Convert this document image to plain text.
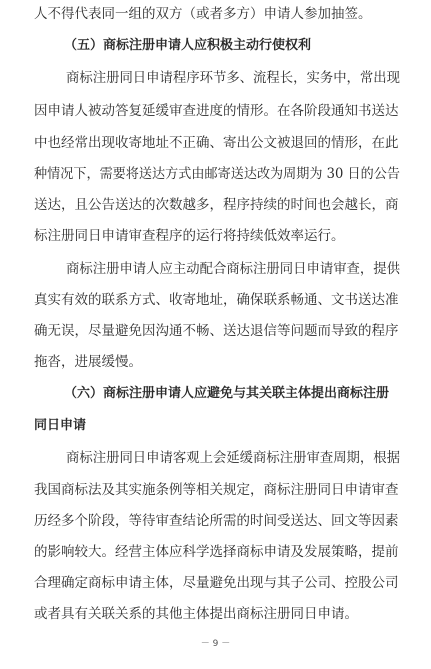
人不得代表同一组的双方（或者多方）申请人参加抽签。
（五）商标注册申请人应积极主动行使权利
商标注册同日申请程序环节多、流程长，实务中，常出现
因申请人被动答复延缓审查进度的情形。在各阶段通知书送达
中也经常出现收寄地址不正确、寄出公文被退回的情形，在此
种情况下，需要将送达方式由邮寄送达改为周期为 30 日的公告
送达，且公告送达的次数越多，程序持续的时间也会越长，商
标注册同日申请审查程序的运行将持续低效率运行。
商标注册申请人应主动配合商标注册同日申请审查，提供
真实有效的联系方式、收寄地址，确保联系畅通、文书送达准
确无误，尽量避免因沟通不畅、送达退信等问题而导致的程序
拖沓，进展缓慢。
（六）商标注册申请人应避免与其关联主体提出商标注册
同日申请
商标注册同日申请客观上会延缓商标注册审查周期，根据
我国商标法及其实施条例等相关规定，商标注册同日申请审查
历经多个阶段，等待审查结论所需的时间受送达、回文等因素
的影响较大。经营主体应科学选择商标申请及发展策略，提前
合理确定商标申请主体，尽量避免出现与其子公司、控股公司
或者具有关联关系的其他主体提出商标注册同日申请。
－ 9 －
